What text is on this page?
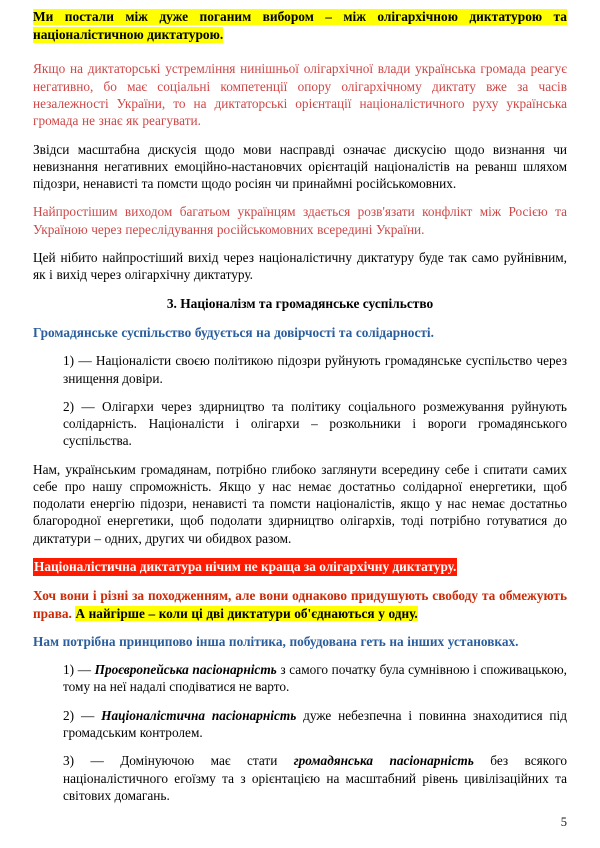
Ми постали між дуже поганим вибором – між олігархічною диктатурою та націоналістичною диктатурою.

Якщо на диктаторські устремління нинішньої олігархічної влади українська громада реагує негативно, бо має соціальні компетенції опору олігархічному диктату вже за часів незалежності України, то на диктаторські орієнтації націоналістичного руху українська громада не знає як реагувати.

Звідси масштабна дискусія щодо мови насправді означає дискусію щодо визнання чи невизнання негативних емоційно-настановчих орієнтацій націоналістів на реванш шляхом підозри, ненависті та помсти щодо росіян чи принаймні російськомовних.

Найпростішим виходом багатьом українцям здається розв'язати конфлікт між Росією та Україною через переслідування російськомовних всередині України.

Цей нібито найпростіший вихід через націоналістичну диктатуру буде так само руйнівним, як і вихід через олігархічну диктатуру.

3. Націоналізм та громадянське суспільство

Громадянське суспільство будується на довірчості та солідарності.

1) — Націоналісти своєю політикою підозри руйнують громадянське суспільство через знищення довіри.

2) — Олігархи через здирництво та політику соціального розмежування руйнують солідарність. Націоналісти і олігархи – розкольники і вороги громадянського суспільства.

Нам, українським громадянам, потрібно глибоко заглянути всередину себе і спитати самих себе про нашу спроможність. Якщо у нас немає достатньо солідарної енергетики, щоб подолати енергію підозри, ненависті та помсти націоналістів, якщо у нас немає достатньо благородної енергетики, щоб подолати здирництво олігархів, тоді потрібно готуватися до диктатури – одних, других чи обидвох разом.

Націоналістична диктатура нічим не краща за олігархічну диктатуру.

Хоч вони і різні за походженням, але вони однаково придушують свободу та обмежують права. А найгірше – коли ці дві диктатури об'єднаються у одну.

Нам потрібна принципово інша політика, побудована геть на інших установках.

1) — Проєвропейська пасіонарність з самого початку була сумнівною і споживацькою, тому на неї надалі сподіватися не варто.

2) — Націоналістична пасіонарність дуже небезпечна і повинна знаходитися під громадським контролем.

3) — Домінуючою має стати громадянська пасіонарність без всякого націоналістичного егоїзму та з орієнтацією на масштабний рівень цивілізаційних та світових домагань.

5
